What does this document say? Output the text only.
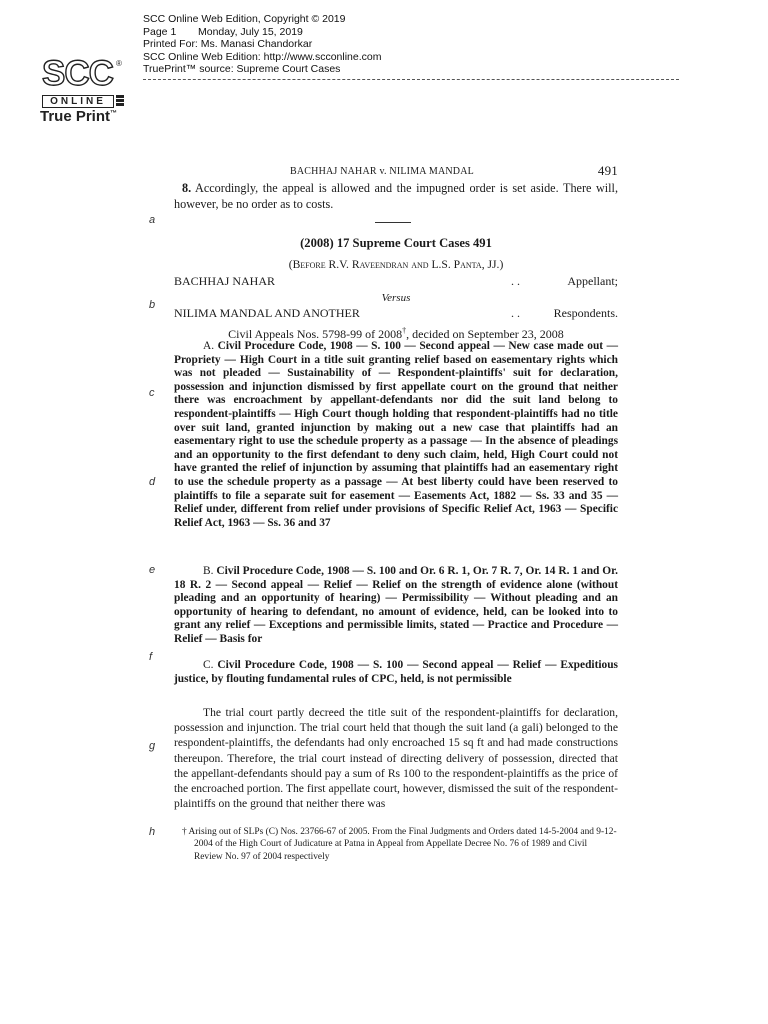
SCC Online Web Edition, Copyright © 2019
Page 1 Monday, July 15, 2019
Printed For: Ms. Manasi Chandorkar
SCC Online Web Edition: http://www.scconline.com
TruePrint™ source: Supreme Court Cases
SCC ®
ONLINE
True Print™
BACHHAJ NAHAR v. NILIMA MANDAL	491
a
b
c
d
e
f
g
h
8. Accordingly, the appeal is allowed and the impugned order is set aside. There will, however, be no order as to costs.
(2008) 17 Supreme Court Cases 491
(Before R.V. Raveendran and L.S. Panta, JJ.)
BACHHAJ NAHAR	. .	Appellant;
Versus
NILIMA MANDAL AND ANOTHER	. .	Respondents.
Civil Appeals Nos. 5798-99 of 2008†, decided on September 23, 2008
A. Civil Procedure Code, 1908 — S. 100 — Second appeal — New case made out — Propriety — High Court in a title suit granting relief based on easementary rights which was not pleaded — Sustainability of — Respondent-plaintiffs' suit for declaration, possession and injunction dismissed by first appellate court on the ground that neither there was encroachment by appellant-defendants nor did the suit land belong to respondent-plaintiffs — High Court though holding that respondent-plaintiffs had no title over suit land, granted injunction by making out a new case that plaintiffs had an easementary right to use the schedule property as a passage — In the absence of pleadings and an opportunity to the first defendant to deny such claim, held, High Court could not have granted the relief of injunction by assuming that plaintiffs had an easementary right to use the schedule property as a passage — At best liberty could have been reserved to plaintiffs to file a separate suit for easement — Easements Act, 1882 — Ss. 33 and 35 — Relief under, different from relief under provisions of Specific Relief Act, 1963 — Specific Relief Act, 1963 — Ss. 36 and 37
B. Civil Procedure Code, 1908 — S. 100 and Or. 6 R. 1, Or. 7 R. 7, Or. 14 R. 1 and Or. 18 R. 2 — Second appeal — Relief — Relief on the strength of evidence alone (without pleading and an opportunity of hearing) — Permissibility — Without pleading and an opportunity of hearing to defendant, no amount of evidence, held, can be looked into to grant any relief — Exceptions and permissible limits, stated — Practice and Procedure — Relief — Basis for
C. Civil Procedure Code, 1908 — S. 100 — Second appeal — Relief — Expeditious justice, by flouting fundamental rules of CPC, held, is not permissible
The trial court partly decreed the title suit of the respondent-plaintiffs for declaration, possession and injunction. The trial court held that though the suit land (a gali) belonged to the respondent-plaintiffs, the defendants had only encroached 15 sq ft and had made constructions thereupon. Therefore, the trial court instead of directing delivery of possession, directed that the appellant-defendants should pay a sum of Rs 100 to the respondent-plaintiffs as the price of the encroached portion. The first appellate court, however, dismissed the suit of the respondent-plaintiffs on the ground that neither there was
† Arising out of SLPs (C) Nos. 23766-67 of 2005. From the Final Judgments and Orders dated 14-5-2004 and 9-12-2004 of the High Court of Judicature at Patna in Appeal from Appellate Decree No. 76 of 1989 and Civil Review No. 97 of 2004 respectively
